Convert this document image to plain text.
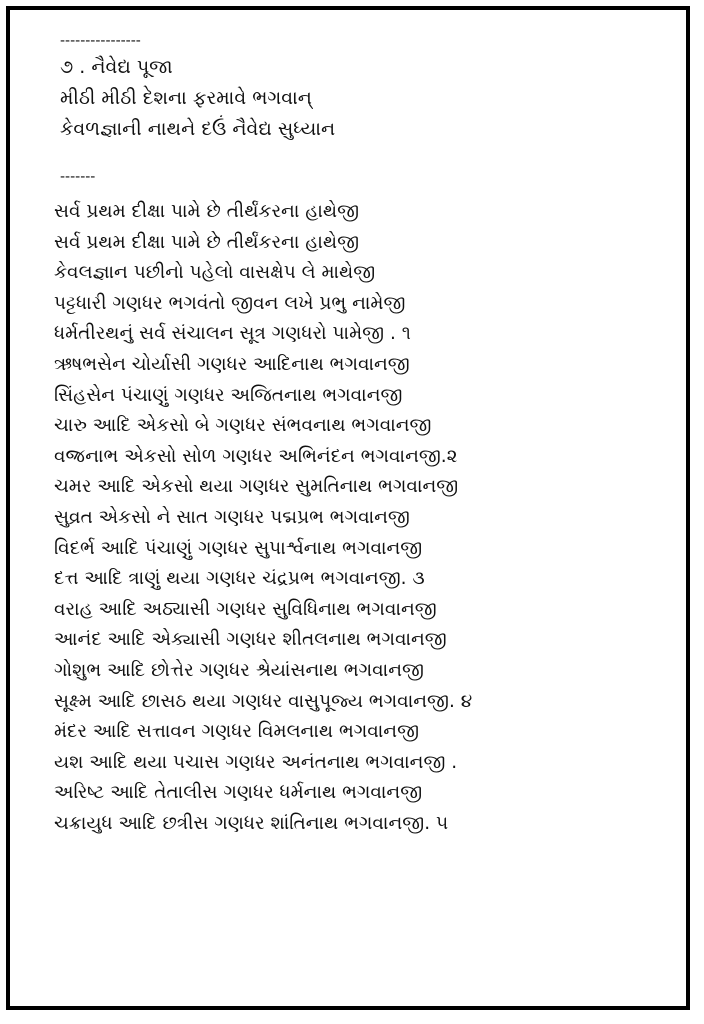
----------------
૭ . નૈવેદ્ય પૂજા
મીઠી મીઠી દેશના ફરમાવે ભગવાન્
કેવળજ્ઞાની નાથને દઉં નૈવેદ્ય સુધ્યાન
-------
સર્વ પ્રથમ દીક્ષા પામે છે તીર્થંકરના હાથેજી
સર્વ પ્રથમ દીક્ષા પામે છે તીર્થંકરના હાથેજી
કેવલજ્ઞાન પછીનો પહેલો વાસક્ષેપ લે માથેજી
પટ્ટધારી ગણધર ભગવંતો જીવન લખે પ્રભુ નામેજી
ધર્મતીરથનું સર્વ સંચાલન સૂત્ર ગણધરો પામેજી . ૧
ઋષભસેન ચોર્યાસી ગણધર આદિનાથ ભગવાનજી
સિંહસેન પંચાણું ગણધર અજિતનાથ ભગવાનજી
ચારુ આદિ એકસો બે ગણધર સંભવનાથ ભગવાનજી
વજ્રનાભ એકસો સોળ ગણધર અભિનંદન ભગવાનજી.૨
ચમર આદિ એકસો થયા ગણધર સુમતિનાથ ભગવાનજી
સુવ્રત એકસો ને સાત ગણધર પદ્મપ્રભ ભગવાનજી
વિદર્ભ આદિ પંચાણું ગણધર સુપાર્શ્વનાથ ભગવાનજી
દત્ત આદિ ત્રાણું થયા ગણધર ચંદ્રપ્રભ ભગવાનજી. ૩
વરાહ આદિ અઠ્યાસી ગણધર સુવિધિનાથ ભગવાનજી
આનંદ આદિ એક્યાસી ગણધર શીતલનાથ ભગવાનજી
ગોશુભ આદિ છોત્તેર ગણધર શ્રેયાંસનાથ ભગવાનજી
સૂક્ષ્મ આદિ છાસઠ થયા ગણધર વાસુપૂજ્ય ભગવાનજી. ૪
મંદર આદિ સત્તાવન ગણધર વિમલનાથ ભગવાનજી
યશ આદિ થયા પચાસ ગણધર અનંતનાથ ભગવાનજી .
અરિષ્ટ આદિ તેતાલીસ ગણધર ધર્મનાથ ભગવાનજી
ચક્રાયુધ આદિ છત્રીસ ગણધર શાંતિનાથ ભગવાનજી. ૫
